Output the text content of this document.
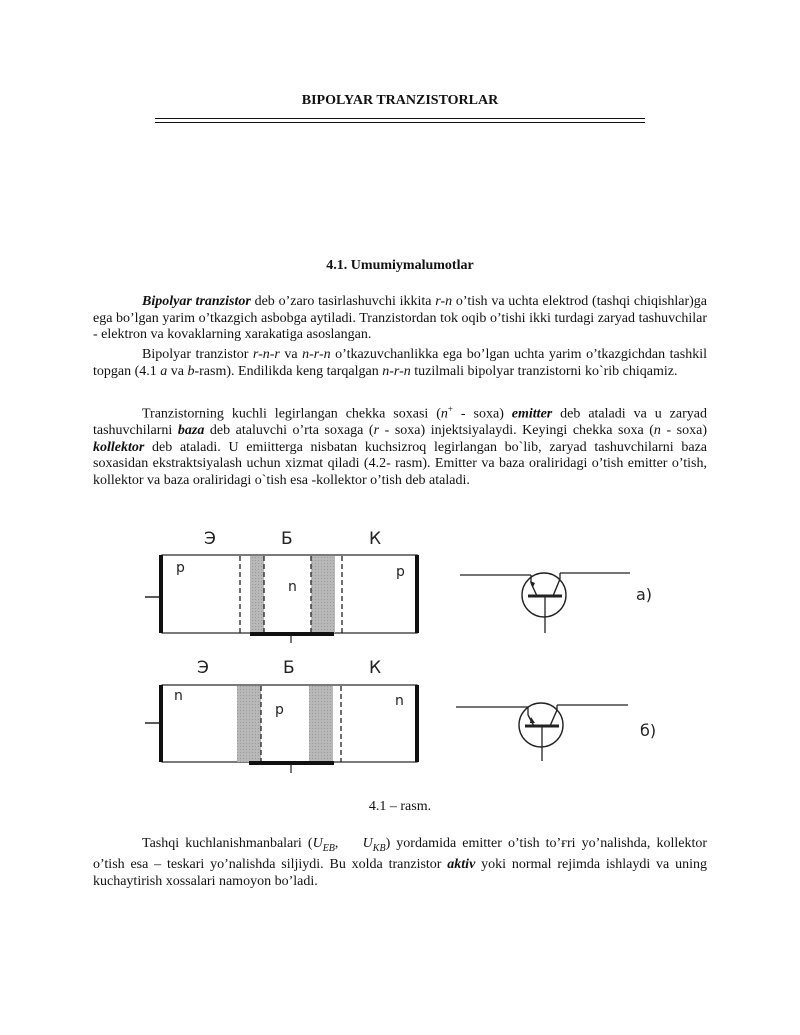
BIPOLYAR TRANZISTORLAR
4.1. Umumiymalumotlar
Bipolyar tranzistor deb o’zaro tasirlashuvchi ikkita r-n o’tish va uchta elektrod (tashqi chiqishlar)ga ega bo’lgan yarim o’tkazgich asbobga aytiladi. Tranzistordan tok oqib o’tishi ikki turdagi zaryad tashuvchilar - elektron va kovaklarning xarakatiga asoslangan.
Bipolyar tranzistor r-n-r va n-r-n o’tkazuvchanlikka ega bo’lgan uchta yarim o’tkazgichdan tashkil topgan (4.1 a va b-rasm). Endilikda keng tarqalgan n-r-n tuzilmali bipolyar tranzistorni ko`rib chiqamiz.
Tranzistorning kuchli legirlangan chekka soxasi (n+ - soxa) emitter deb ataladi va u zaryad tashuvchilarni baza deb ataluvchi o’rta soxaga (r - soxa) injektsiyalaydi. Keyingi chekka soxa (n - soxa) kollektor deb ataladi. U emiitterga nisbatan kuchsizroq legirlangan bo`lib, zaryad tashuvchilarni baza soxasidan ekstraktsiyalash uchun xizmat qiladi (4.2- rasm). Emitter va baza oraliridagi o’tish emitter o’tish, kollektor va baza oraliridagi o`tish esa -kollektor o’tish deb ataladi.
Э	Б	К
p
n
p
a)
Э	Б	К
n
p
n
б)
4.1 – rasm.
Tashqi kuchlanishmanbalari ($U_{EB}$,    $U_{KB}$) yordamida emitter o’tish to’ғri yo’nalishda, kollektor o’tish esa – teskari yo’nalishda siljiydi. Bu xolda tranzistor aktiv yoki normal rejimda ishlaydi va uning kuchaytirish xossalari namoyon bo’ladi.
